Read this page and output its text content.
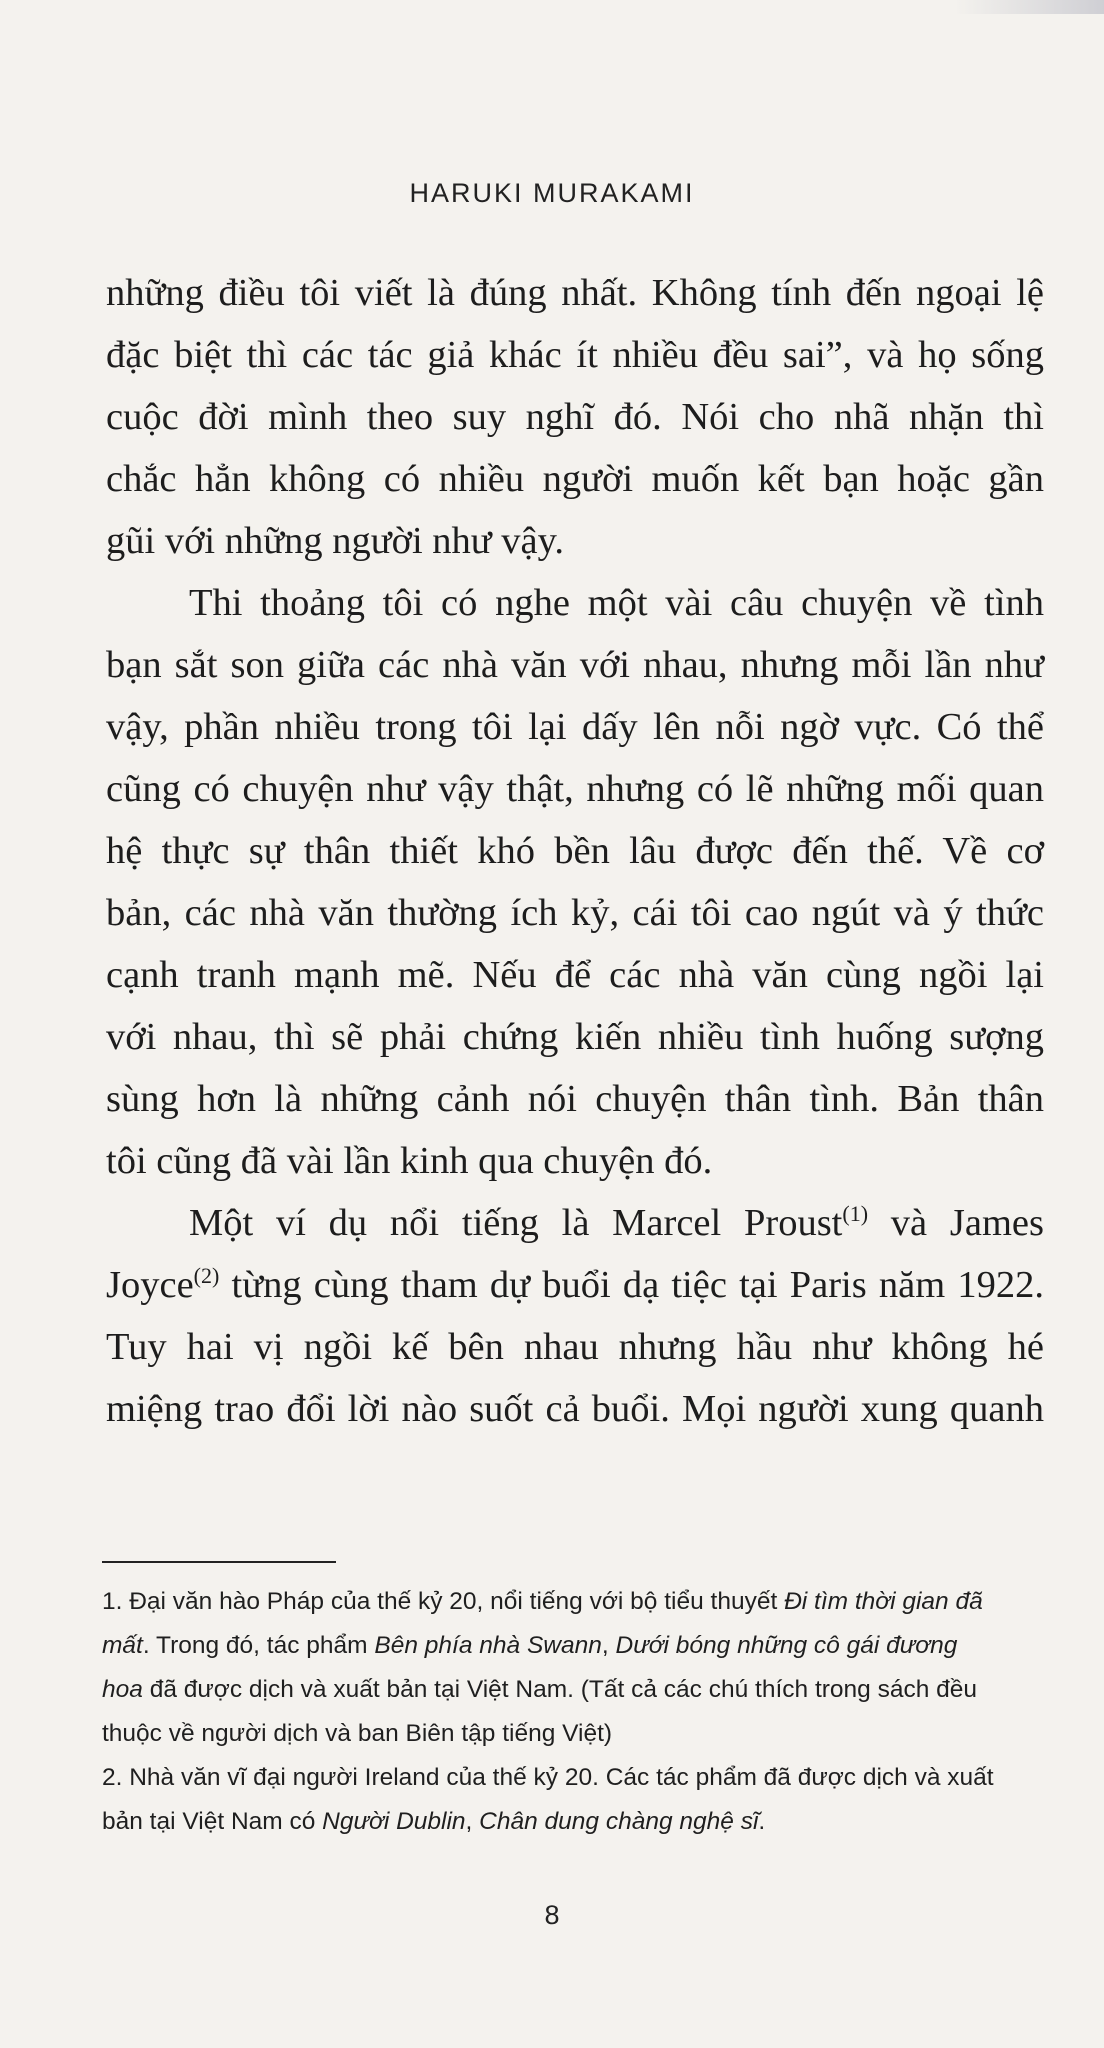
HARUKI MURAKAMI
những điều tôi viết là đúng nhất. Không tính đến ngoại lệ
đặc biệt thì các tác giả khác ít nhiều đều sai”, và họ sống
cuộc đời mình theo suy nghĩ đó. Nói cho nhã nhặn thì
chắc hẳn không có nhiều người muốn kết bạn hoặc gần
gũi với những người như vậy.
Thi thoảng tôi có nghe một vài câu chuyện về tình
bạn sắt son giữa các nhà văn với nhau, nhưng mỗi lần như
vậy, phần nhiều trong tôi lại dấy lên nỗi ngờ vực. Có thể
cũng có chuyện như vậy thật, nhưng có lẽ những mối quan
hệ thực sự thân thiết khó bền lâu được đến thế. Về cơ
bản, các nhà văn thường ích kỷ, cái tôi cao ngút và ý thức
cạnh tranh mạnh mẽ. Nếu để các nhà văn cùng ngồi lại
với nhau, thì sẽ phải chứng kiến nhiều tình huống sượng
sùng hơn là những cảnh nói chuyện thân tình. Bản thân
tôi cũng đã vài lần kinh qua chuyện đó.
Một ví dụ nổi tiếng là Marcel Proust$^{(1)}$ và James
Joyce$^{(2)}$ từng cùng tham dự buổi dạ tiệc tại Paris năm 1922.
Tuy hai vị ngồi kế bên nhau nhưng hầu như không hé
miệng trao đổi lời nào suốt cả buổi. Mọi người xung quanh
1. Đại văn hào Pháp của thế kỷ 20, nổi tiếng với bộ tiểu thuyết Đi tìm thời gian đã
mất. Trong đó, tác phẩm Bên phía nhà Swann, Dưới bóng những cô gái đương
hoa đã được dịch và xuất bản tại Việt Nam. (Tất cả các chú thích trong sách đều
thuộc về người dịch và ban Biên tập tiếng Việt)
2. Nhà văn vĩ đại người Ireland của thế kỷ 20. Các tác phẩm đã được dịch và xuất
bản tại Việt Nam có Người Dublin, Chân dung chàng nghệ sĩ.
8
